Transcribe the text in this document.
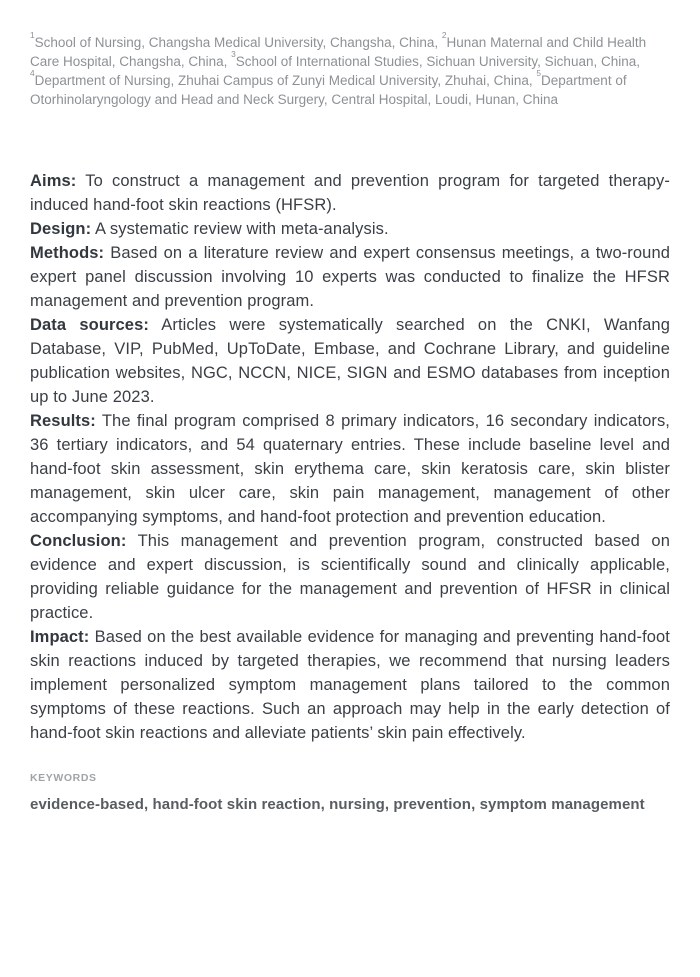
$^1$School of Nursing, Changsha Medical University, Changsha, China, $^2$Hunan Maternal and Child Health Care Hospital, Changsha, China, $^3$School of International Studies, Sichuan University, Sichuan, China, $^4$Department of Nursing, Zhuhai Campus of Zunyi Medical University, Zhuhai, China, $^5$Department of Otorhinolaryngology and Head and Neck Surgery, Central Hospital, Loudi, Hunan, China

Aims: To construct a management and prevention program for targeted therapy-induced hand-foot skin reactions (HFSR).

Design: A systematic review with meta-analysis.

Methods: Based on a literature review and expert consensus meetings, a two-round expert panel discussion involving 10 experts was conducted to finalize the HFSR management and prevention program.

Data sources: Articles were systematically searched on the CNKI, Wanfang Database, VIP, PubMed, UpToDate, Embase, and Cochrane Library, and guideline publication websites, NGC, NCCN, NICE, SIGN and ESMO databases from inception up to June 2023.

Results: The final program comprised 8 primary indicators, 16 secondary indicators, 36 tertiary indicators, and 54 quaternary entries. These include baseline level and hand-foot skin assessment, skin erythema care, skin keratosis care, skin blister management, skin ulcer care, skin pain management, management of other accompanying symptoms, and hand-foot protection and prevention education.

Conclusion: This management and prevention program, constructed based on evidence and expert discussion, is scientifically sound and clinically applicable, providing reliable guidance for the management and prevention of HFSR in clinical practice.

Impact: Based on the best available evidence for managing and preventing hand-foot skin reactions induced by targeted therapies, we recommend that nursing leaders implement personalized symptom management plans tailored to the common symptoms of these reactions. Such an approach may help in the early detection of hand-foot skin reactions and alleviate patients’ skin pain effectively.

KEYWORDS
evidence-based, hand-foot skin reaction, nursing, prevention, symptom management
